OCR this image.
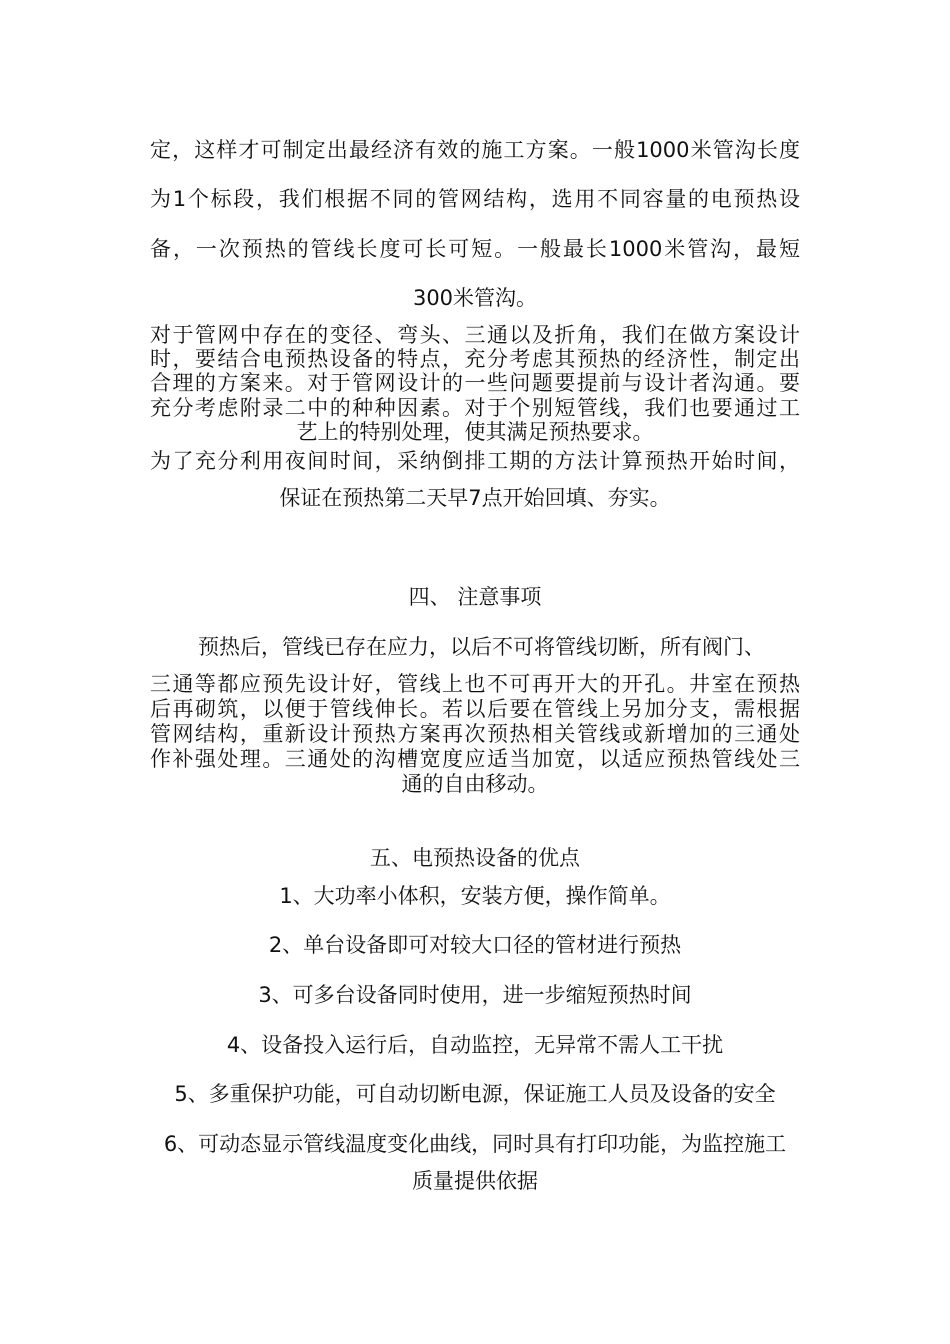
定，这样才可制定出最经济有效的施工方案。一般1000米管沟长度
为1个标段，我们根据不同的管网结构，选用不同容量的电预热设
备，一次预热的管线长度可长可短。一般最长1000米管沟，最短
300米管沟。
对于管网中存在的变径、弯头、三通以及折角，我们在做方案设计
时，要结合电预热设备的特点，充分考虑其预热的经济性，制定出
合理的方案来。对于管网设计的一些问题要提前与设计者沟通。要
充分考虑附录二中的种种因素。对于个别短管线，我们也要通过工
艺上的特别处理，使其满足预热要求。
为了充分利用夜间时间，采纳倒排工期的方法计算预热开始时间，
保证在预热第二天早7点开始回填、夯实。
四、 注意事项
预热后，管线已存在应力，以后不可将管线切断，所有阀门、
三通等都应预先设计好，管线上也不可再开大的开孔。井室在预热
后再砌筑，以便于管线伸长。若以后要在管线上另加分支，需根据
管网结构，重新设计预热方案再次预热相关管线或新增加的三通处
作补强处理。三通处的沟槽宽度应适当加宽，以适应预热管线处三
通的自由移动。
五、电预热设备的优点
1、大功率小体积，安装方便，操作简单。
2、单台设备即可对较大口径的管材进行预热
3、可多台设备同时使用，进一步缩短预热时间
4、设备投入运行后，自动监控，无异常不需人工干扰
5、多重保护功能，可自动切断电源，保证施工人员及设备的安全
6、可动态显示管线温度变化曲线，同时具有打印功能，为监控施工
质量提供依据
